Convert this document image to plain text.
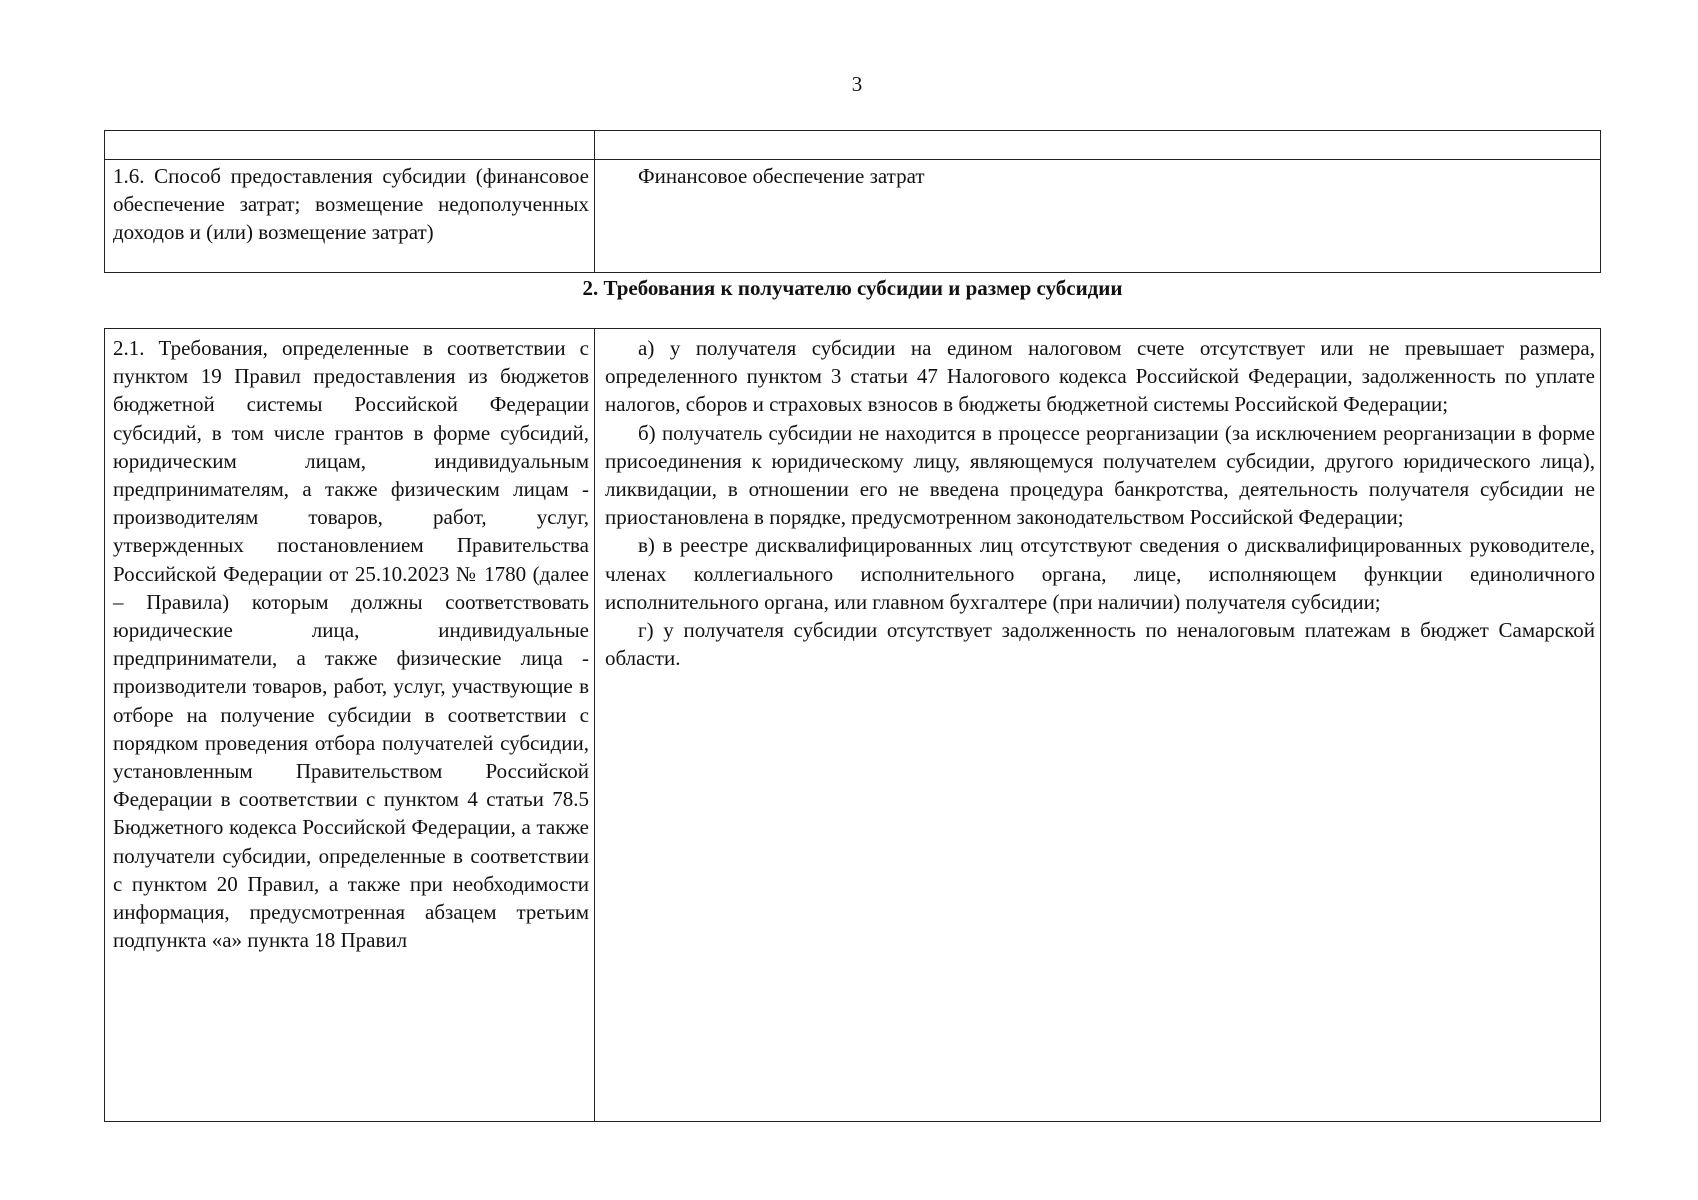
3
1.6. Способ предоставления субсидии (финансовое обеспечение затрат; возмещение недополученных доходов и (или) возмещение затрат)

Финансовое обеспечение затрат

2. Требования к получателю субсидии и размер субсидии
2.1. Требования, определенные в соответствии с пунктом 19 Правил предоставления из бюджетов бюджетной системы Российской Федерации субсидий, в том числе грантов в форме субсидий, юридическим лицам, индивидуальным предпринимателям, а также физическим лицам - производителям товаров, работ, услуг, утвержденных постановлением Правительства Российской Федерации от 25.10.2023 № 1780 (далее – Правила) которым должны соответствовать юридические лица, индивидуальные предприниматели, а также физические лица - производители товаров, работ, услуг, участвующие в отборе на получение субсидии в соответствии с порядком проведения отбора получателей субсидии, установленным Правительством Российской Федерации в соответствии с пунктом 4 статьи 78.5 Бюджетного кодекса Российской Федерации, а также получатели субсидии, определенные в соответствии с пунктом 20 Правил, а также при необходимости информация, предусмотренная абзацем третьим подпункта «а» пункта 18 Правил

а) у получателя субсидии на едином налоговом счете отсутствует или не превышает размера, определенного пунктом 3 статьи 47 Налогового кодекса Российской Федерации, задолженность по уплате налогов, сборов и страховых взносов в бюджеты бюджетной системы Российской Федерации;

б) получатель субсидии не находится в процессе реорганизации (за исключением реорганизации в форме присоединения к юридическому лицу, являющемуся получателем субсидии, другого юридического лица), ликвидации, в отношении его не введена процедура банкротства, деятельность получателя субсидии не приостановлена в порядке, предусмотренном законодательством Российской Федерации;

в) в реестре дисквалифицированных лиц отсутствуют сведения о дисквалифицированных руководителе, членах коллегиального исполнительного органа, лице, исполняющем функции единоличного исполнительного органа, или главном бухгалтере (при наличии) получателя субсидии;

г) у получателя субсидии отсутствует задолженность по неналоговым платежам в бюджет Самарской области.
